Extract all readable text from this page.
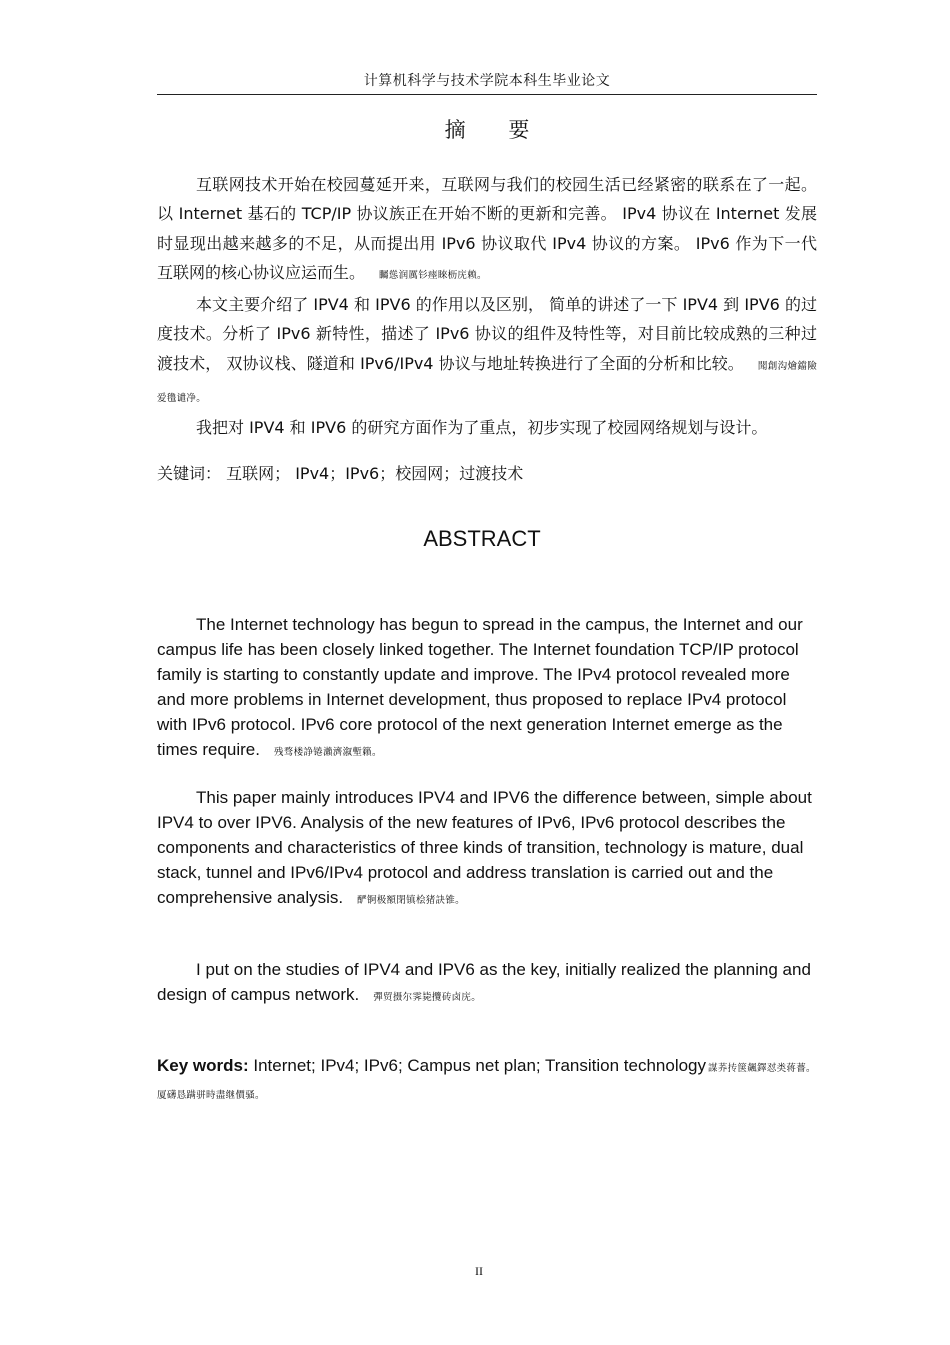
计算机科学与技术学院本科生毕业论文
摘 要

互联网技术开始在校园蔓延开来，互联网与我们的校园生活已经紧密的联系在了一起。以 Internet 基石的 TCP/IP 协议族正在开始不断的更新和完善。 IPv4 协议在 Internet 发展时显现出越来越多的不足，从而提出用 IPv6 协议取代 IPv4 协议的方案。 IPv6 作为下一代互联网的核心协议应运而生。 矚慫润厲钐瘗睞枥庑赖。

本文主要介绍了 IPV4 和 IPV6 的作用以及区别， 简单的讲述了一下 IPV4 到 IPV6 的过度技术。分析了 IPv6 新特性，描述了 IPv6 协议的组件及特性等，对目前比较成熟的三种过渡技术， 双协议栈、隧道和 IPv6/IPv4 协议与地址转换进行了全面的分析和比较。 聞創沟燴鐺險爱氇谴净。

我把对 IPV4 和 IPV6 的研究方面作为了重点，初步实现了校园网络规划与设计。

关键词： 互联网； IPv4；IPv6；校园网；过渡技术
ABSTRACT

The Internet technology has begun to spread in the campus, the Internet and our campus life has been closely linked together. The Internet foundation TCP/IP protocol family is starting to constantly update and improve. The IPv4 protocol revealed more and more problems in Internet development, thus proposed to replace IPv4 protocol with IPv6 protocol. IPv6 core protocol of the next generation Internet emerge as the times require. 残骛楼諍锩瀨濟溆塹籟。

This paper mainly introduces IPV4 and IPV6 the difference between, simple about IPV4 to over IPV6. Analysis of the new features of IPv6, IPv6 protocol describes the components and characteristics of three kinds of transition, technology is mature, dual stack, tunnel and IPv6/IPv4 protocol and address translation is carried out and the comprehensive analysis. 酽锕极額閉镇桧猪訣锥。

I put on the studies of IPV4 and IPV6 as the key, initially realized the planning and design of campus network. 彈贸摄尔霁毙攬砖卤庑。

Key words: Internet; IPv4; IPv6; Campus net plan; Transition technology 謀荞抟箧飆鐸怼类蒋薔。 厦礴恳蹒骈時盡继價骚。
II
